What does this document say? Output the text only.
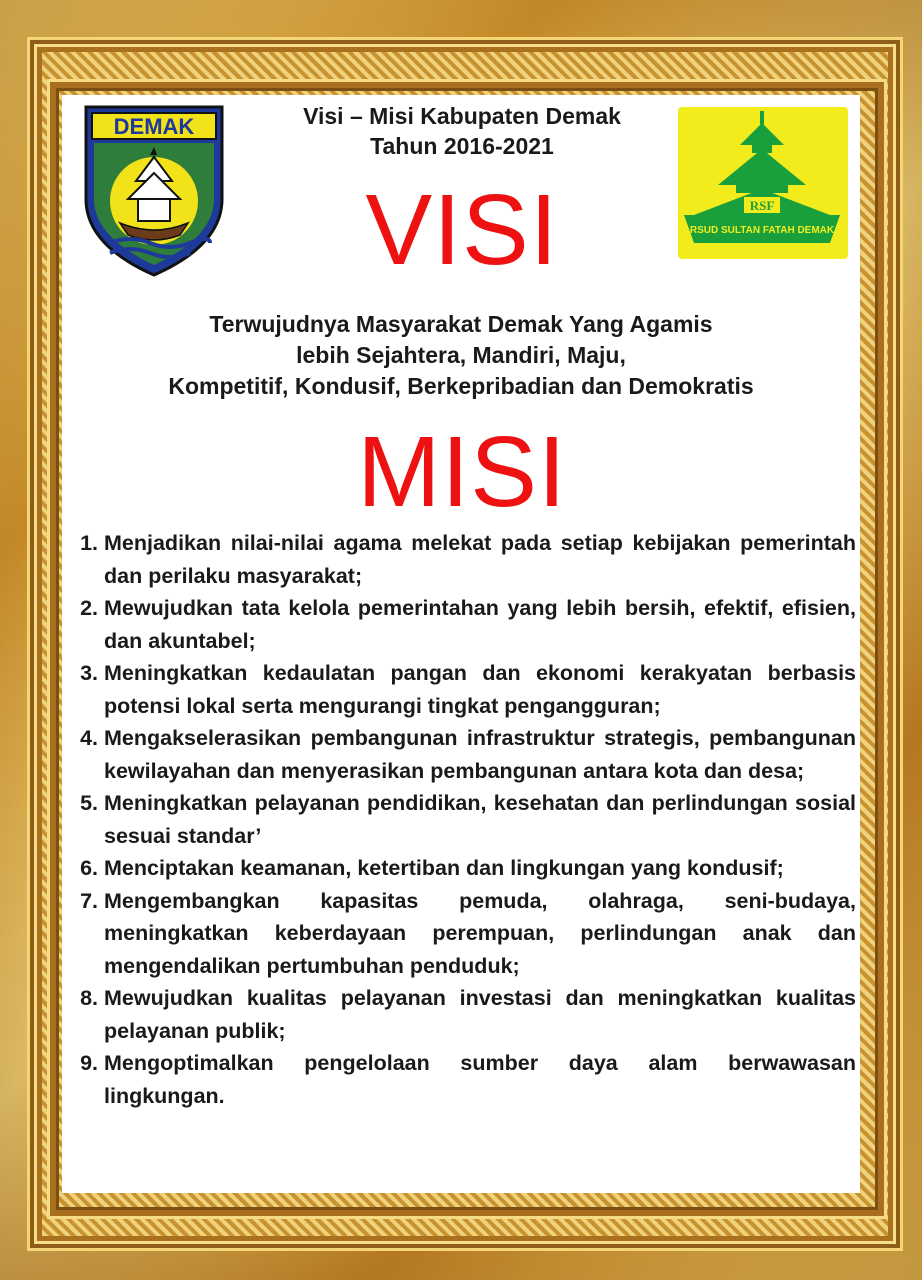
DEMAK
RSF
RSUD SULTAN FATAH DEMAK
Visi – Misi Kabupaten Demak
Tahun 2016-2021
VISI
Terwujudnya Masyarakat Demak Yang Agamis
lebih Sejahtera, Mandiri, Maju,
Kompetitif, Kondusif, Berkepribadian dan Demokratis
MISI
1. Menjadikan nilai-nilai agama melekat pada setiap kebijakan pemerintah dan perilaku masyarakat;
2. Mewujudkan tata kelola pemerintahan yang lebih bersih, efektif, efisien, dan akuntabel;
3. Meningkatkan kedaulatan pangan dan ekonomi kerakyatan berbasis potensi lokal serta mengurangi tingkat pengangguran;
4. Mengakselerasikan pembangunan infrastruktur strategis, pembangunan kewilayahan dan menyerasikan pembangunan antara kota dan desa;
5. Meningkatkan pelayanan pendidikan, kesehatan dan perlindungan sosial sesuai standar’
6. Menciptakan keamanan, ketertiban dan lingkungan yang kondusif;
7. Mengembangkan kapasitas pemuda, olahraga, seni-budaya, meningkatkan keberdayaan perempuan, perlindungan anak dan mengendalikan pertumbuhan penduduk;
8. Mewujudkan kualitas pelayanan investasi dan meningkatkan kualitas pelayanan publik;
9. Mengoptimalkan pengelolaan sumber daya alam berwawasan lingkungan.
